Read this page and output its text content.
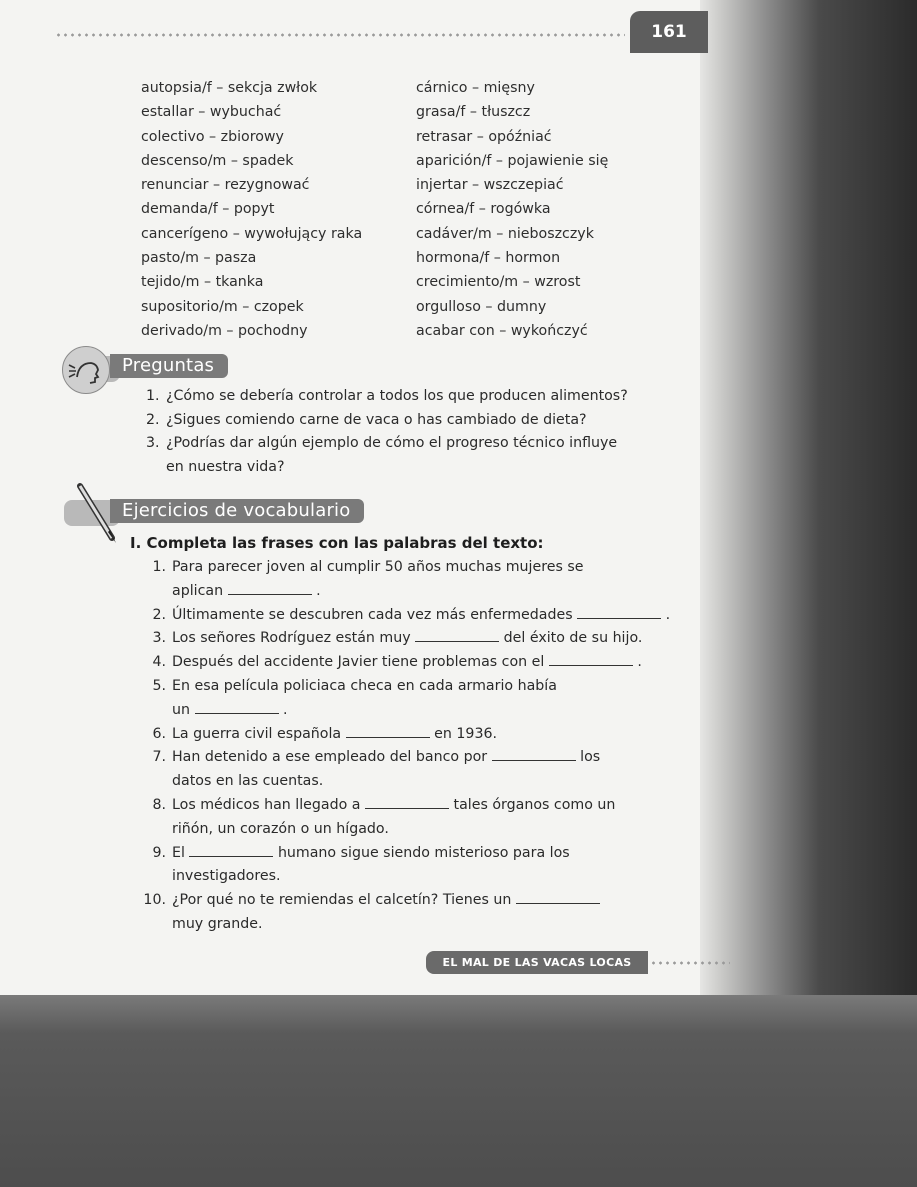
161
autopsia/f – sekcja zwłok
estallar – wybuchać
colectivo – zbiorowy
descenso/m – spadek
renunciar – rezygnować
demanda/f – popyt
cancerígeno – wywołujący raka
pasto/m – pasza
tejido/m – tkanka
supositorio/m – czopek
derivado/m – pochodny
cárnico – mięsny
grasa/f – tłuszcz
retrasar – opóźniać
aparición/f – pojawienie się
injertar – wszczepiać
córnea/f – rogówka
cadáver/m – nieboszczyk
hormona/f – hormon
crecimiento/m – wzrost
orgulloso – dumny
acabar con – wykończyć
Preguntas
1. ¿Cómo se debería controlar a todos los que producen alimentos?
2. ¿Sigues comiendo carne de vaca o has cambiado de dieta?
3. ¿Podrías dar algún ejemplo de cómo el progreso técnico influye
en nuestra vida?
Ejercicios de vocabulario
I. Completa las frases con las palabras del texto:
1. Para parecer joven al cumplir 50 años muchas mujeres se
aplican	.
2. Últimamente se descubren cada vez más enfermedades	.
3. Los señores Rodríguez están muy	del éxito de su hijo.
4. Después del accidente Javier tiene problemas con el	.
5. En esa película policiaca checa en cada armario había
un	.
6. La guerra civil española	en 1936.
7. Han detenido a ese empleado del banco por	los
datos en las cuentas.
8. Los médicos han llegado a	tales órganos como un
riñón, un corazón o un hígado.
9. El	humano sigue siendo misterioso para los
investigadores.
10. ¿Por qué no te remiendas el calcetín? Tienes un
muy grande.
EL MAL DE LAS VACAS LOCAS
